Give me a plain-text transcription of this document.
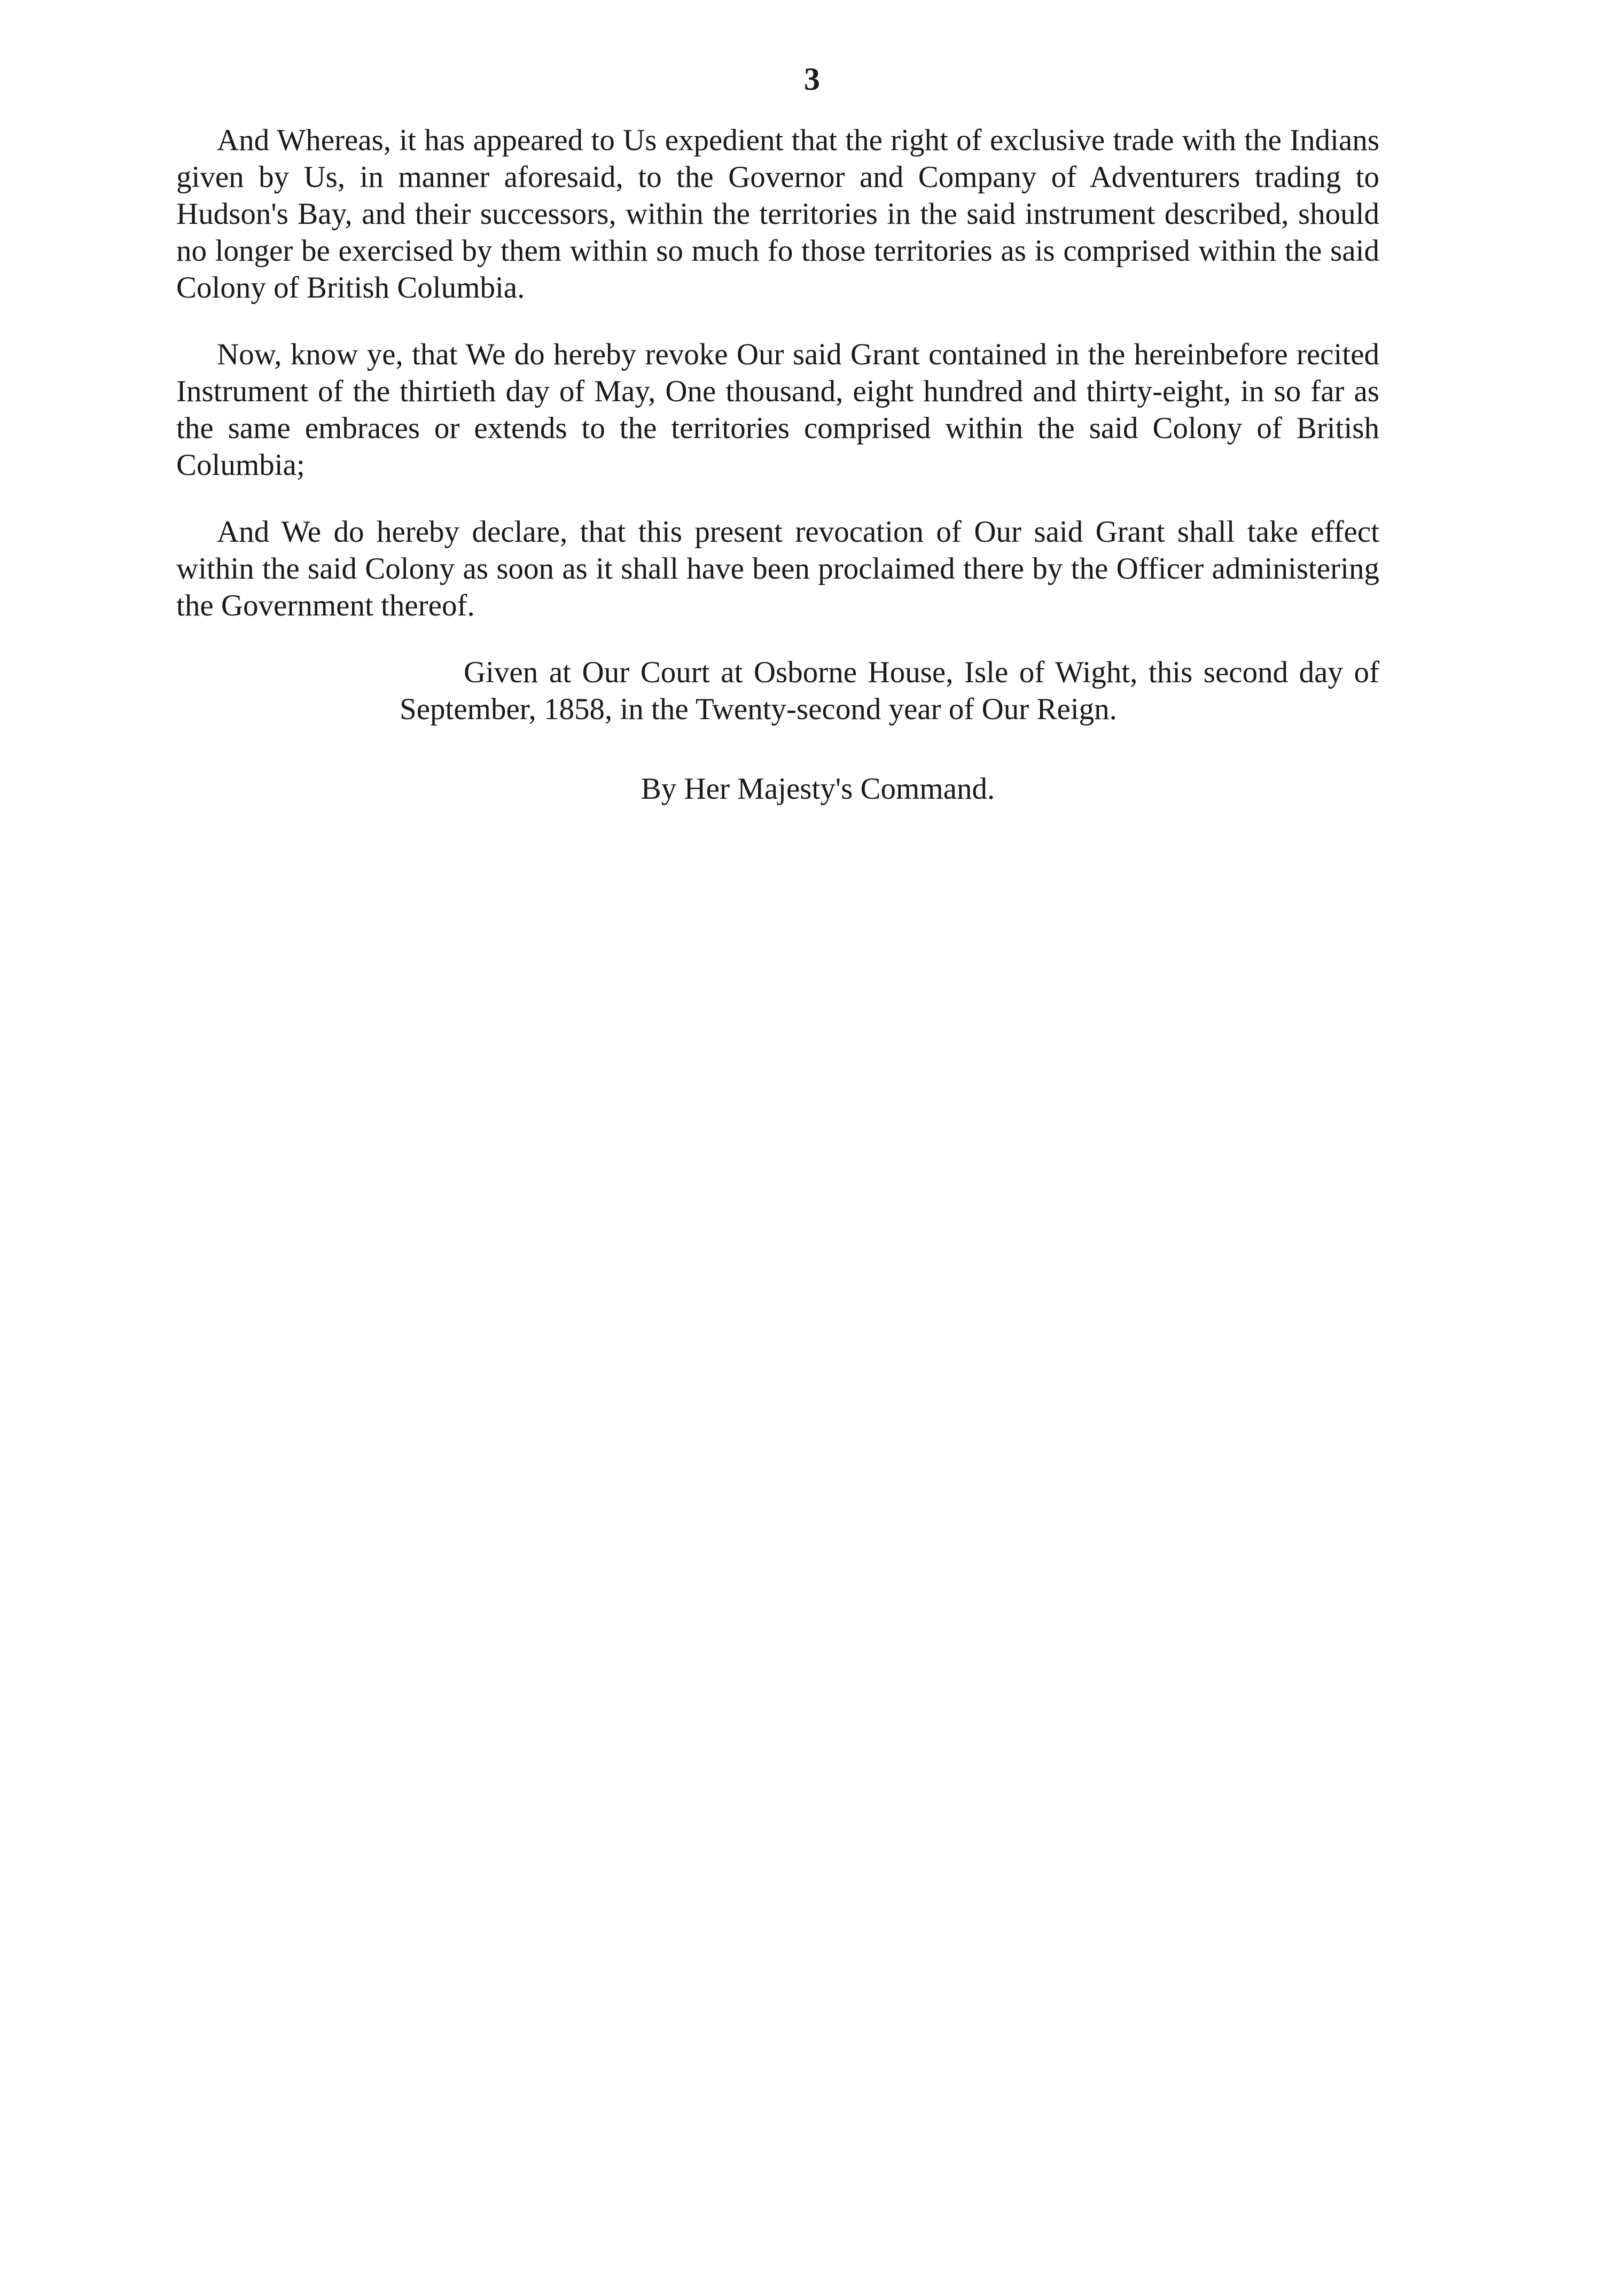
3

And Whereas, it has appeared to Us expedient that the right of exclusive trade with the Indians given by Us, in manner aforesaid, to the Governor and Company of Adventurers trading to Hudson's Bay, and their successors, within the territories in the said instrument described, should no longer be exercised by them within so much fo those territories as is comprised within the said Colony of British Columbia.

Now, know ye, that We do hereby revoke Our said Grant contained in the hereinbefore recited Instrument of the thirtieth day of May, One thousand, eight hundred and thirty-eight, in so far as the same embraces or extends to the territories comprised within the said Colony of British Columbia;

And We do hereby declare, that this present revocation of Our said Grant shall take effect within the said Colony as soon as it shall have been proclaimed there by the Officer administering the Government thereof.

Given at Our Court at Osborne House, Isle of Wight, this second day of September, 1858, in the Twenty-second year of Our Reign.

By Her Majesty's Command.
